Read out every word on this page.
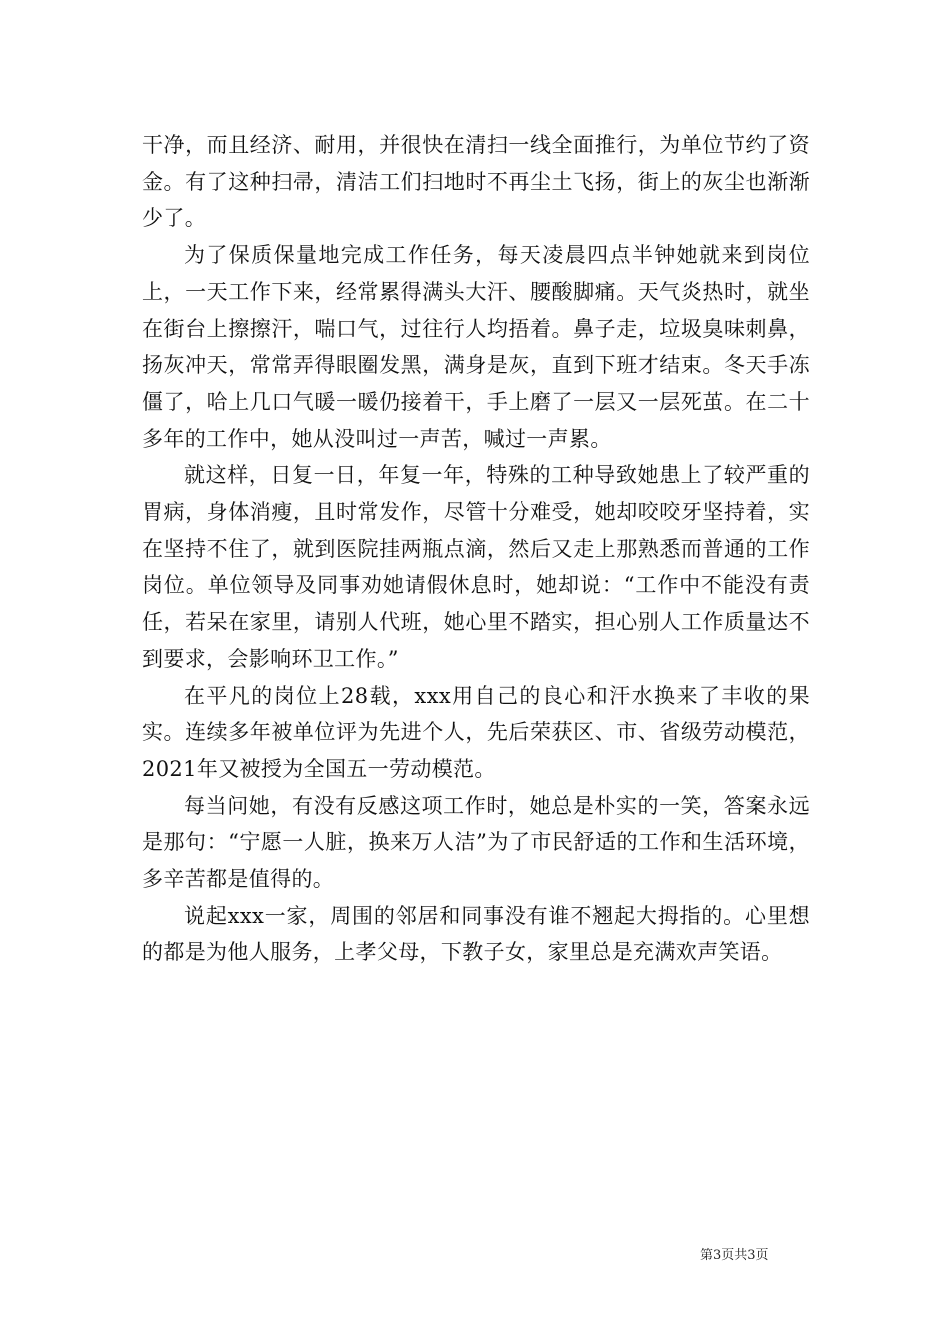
干净，而且经济、耐用，并很快在清扫一线全面推行，为单位节约了资金。有了这种扫帚，清洁工们扫地时不再尘土飞扬，街上的灰尘也渐渐少了。

为了保质保量地完成工作任务，每天凌晨四点半钟她就来到岗位上，一天工作下来，经常累得满头大汗、腰酸脚痛。天气炎热时，就坐在街台上擦擦汗，喘口气，过往行人均捂着。鼻子走，垃圾臭味刺鼻，扬灰冲天，常常弄得眼圈发黑，满身是灰，直到下班才结束。冬天手冻僵了，哈上几口气暖一暖仍接着干，手上磨了一层又一层死茧。在二十多年的工作中，她从没叫过一声苦，喊过一声累。

就这样，日复一日，年复一年，特殊的工种导致她患上了较严重的胃病，身体消瘦，且时常发作，尽管十分难受，她却咬咬牙坚持着，实在坚持不住了，就到医院挂两瓶点滴，然后又走上那熟悉而普通的工作岗位。单位领导及同事劝她请假休息时，她却说：“工作中不能没有责任，若呆在家里，请别人代班，她心里不踏实，担心别人工作质量达不到要求，会影响环卫工作。”

在平凡的岗位上28载，xxx用自己的良心和汗水换来了丰收的果实。连续多年被单位评为先进个人，先后荣获区、市、省级劳动模范，2021年又被授为全国五一劳动模范。

每当问她，有没有反感这项工作时，她总是朴实的一笑，答案永远是那句：“宁愿一人脏，换来万人洁”为了市民舒适的工作和生活环境，多辛苦都是值得的。

说起xxx一家，周围的邻居和同事没有谁不翘起大拇指的。心里想的都是为他人服务，上孝父母，下教子女，家里总是充满欢声笑语。

第3页共3页
